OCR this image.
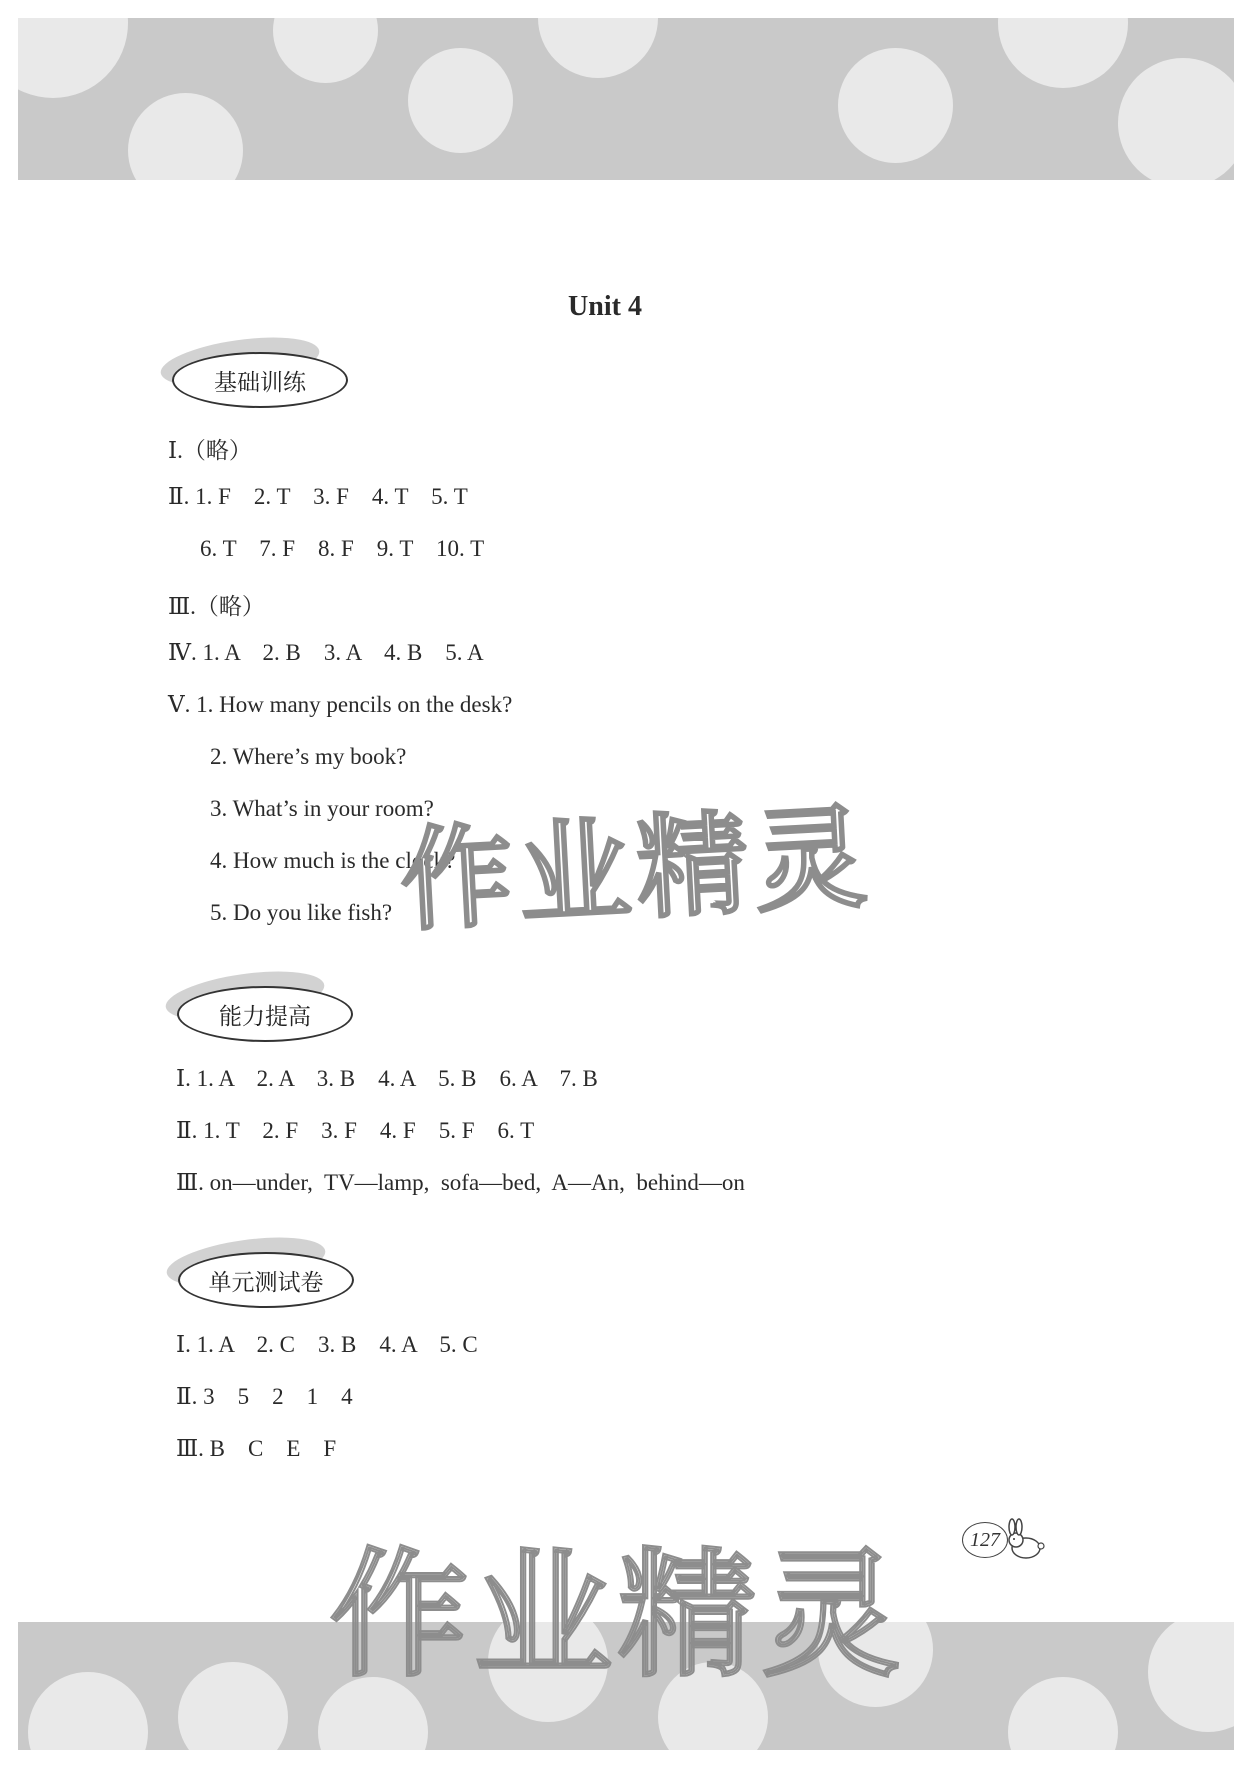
Unit 4
基础训练
Ⅰ.（略）
Ⅱ. 1. F    2. T    3. F    4. T    5. T
6. T    7. F    8. F    9. T    10. T
Ⅲ.（略）
Ⅳ. 1. A    2. B    3. A    4. B    5. A
Ⅴ. 1. How many pencils on the desk?
2. Where’s my book?
3. What’s in your room?
4. How much is the clock?
5. Do you like fish?
能力提高
Ⅰ. 1. A    2. A    3. B    4. A    5. B    6. A    7. B
Ⅱ. 1. T    2. F    3. F    4. F    5. F    6. T
Ⅲ. on—under,  TV—lamp,  sofa—bed,  A—An,  behind—on
单元测试卷
Ⅰ. 1. A    2. C    3. B    4. A    5. C
Ⅱ. 3    5    2    1    4
Ⅲ. B    C    E    F
127
作业精灵
作业精灵
